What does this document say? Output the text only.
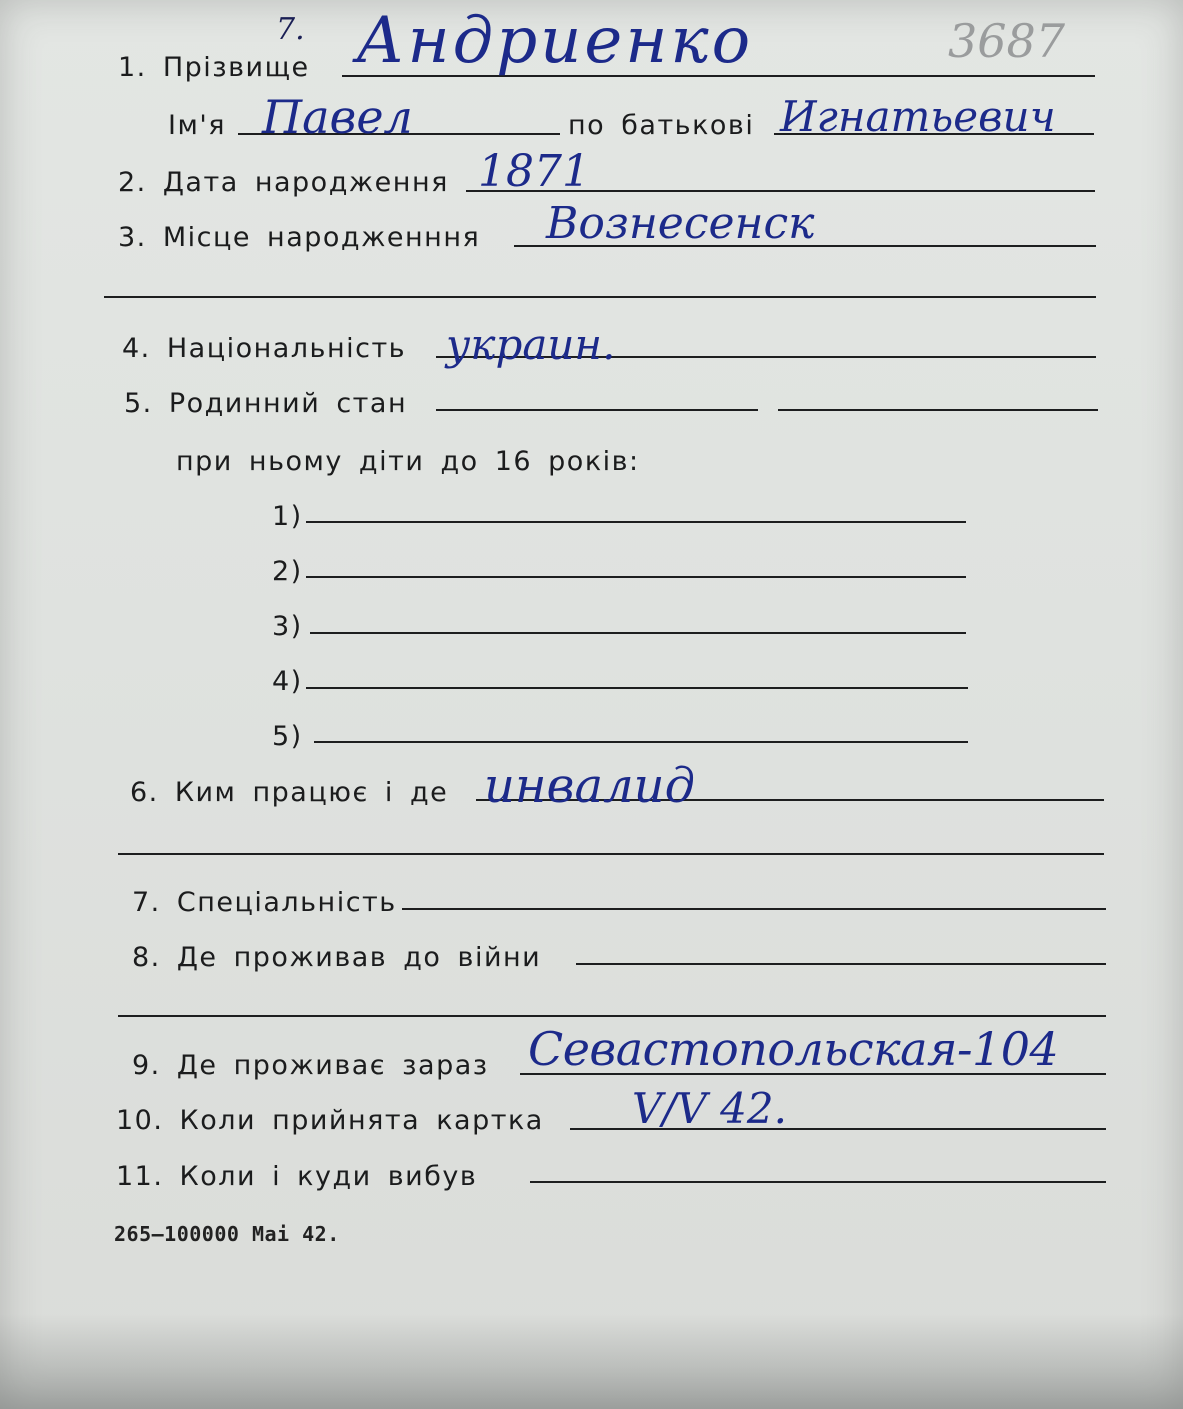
3687
7.
1. Прізвище Андриенко
Ім'я Павел	по батькові Игнатьевич
2. Дата народження 1871
3. Місце народженння Вознесенск
4. Національність украин.
5. Родинний стан
при ньому діти до 16 років:
1)
2)
3)
4)
5)
6. Ким працює і де инвалид
7. Спеціальність
8. Де проживав до війни
9. Де проживає зараз Севастопольская-104
10. Коли прийнята картка V/V 42.
11. Коли і куди вибув
265—100000 Маі 42.
